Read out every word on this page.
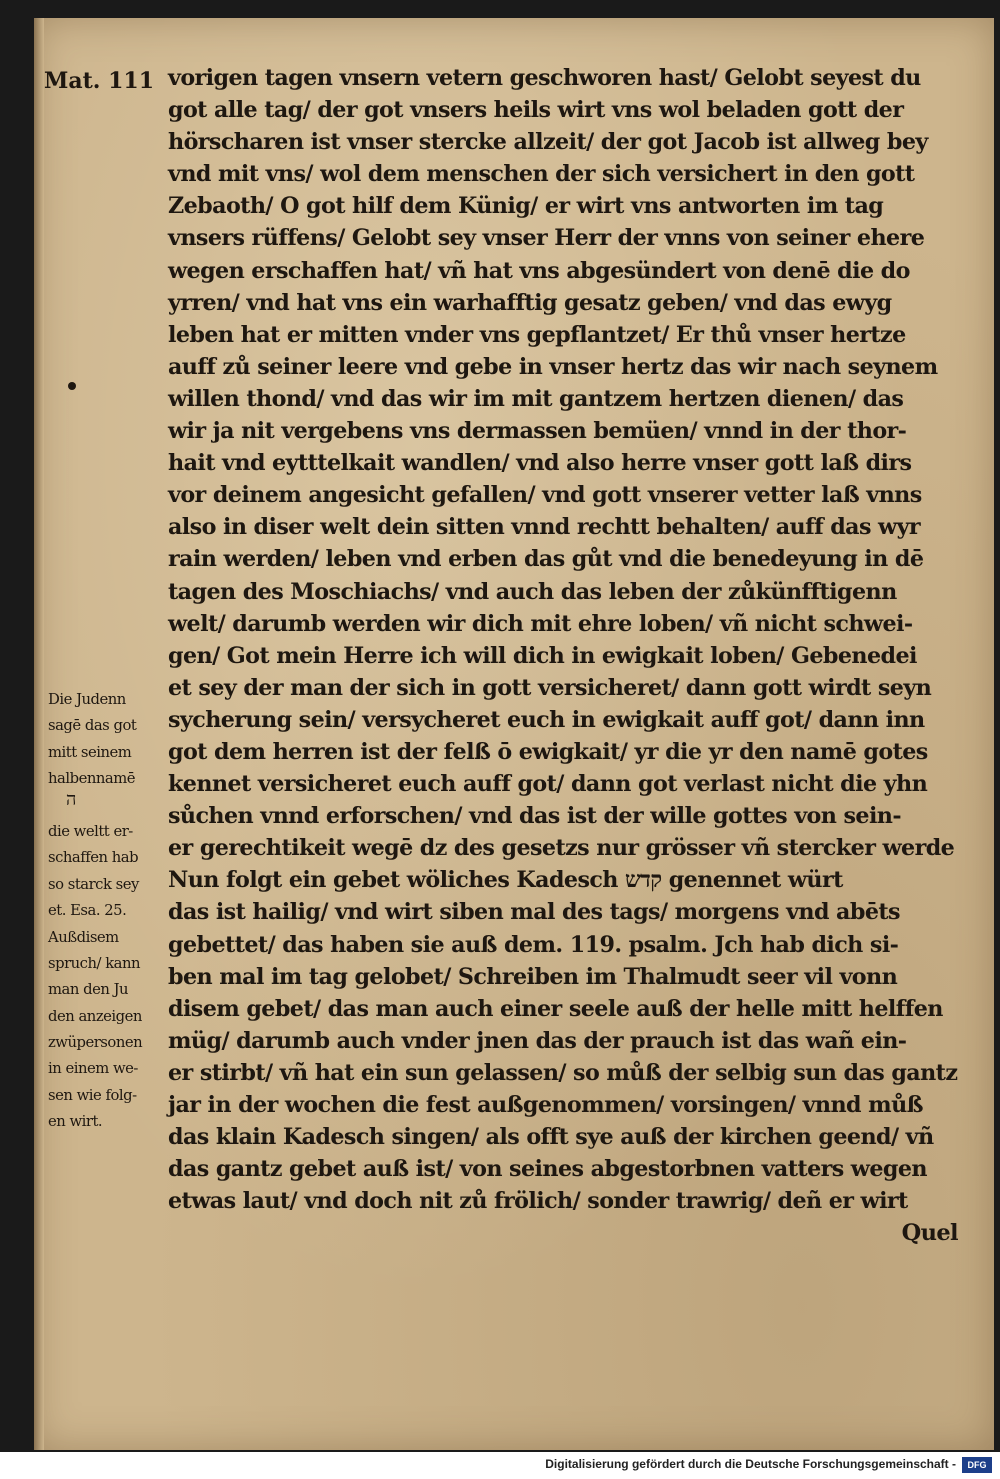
Mat. 111 vorigen tagen vnsern vetern geschworen hast/ Gelobt seyest du
got alle tag/ der got vnsers heils wirt vns wol beladen gott der
hörscharen ist vnser stercke allzeit/ der got Jacob ist allweg bey
vnd mit vns/ wol dem menschen der sich versichert in den gott
Zebaoth/ O got hilf dem Künig/ er wirt vns antworten im tag
vnsers rüffens/ Gelobt sey vnser Herr der vnns von seiner ehere
wegen erschaffen hat/ vñ hat vns abgesündert von denē die do
yrren/ vnd hat vns ein warhafftig gesatz geben/ vnd das ewyg
leben hat er mitten vnder vns gepflantzet/ Er thů vnser hertze
auff zů seiner leere vnd gebe in vnser hertz das wir nach seynem
willen thond/ vnd das wir im mit gantzem hertzen dienen/ das
wir ja nit vergebens vns dermassen bemüen/ vnnd in der thor-
hait vnd eytttelkait wandlen/ vnd also herre vnser gott laß dirs
vor deinem angesicht gefallen/ vnd gott vnserer vetter laß vnns
also in diser welt dein sitten vnnd rechtt behalten/ auff das wyr
rain werden/ leben vnd erben das gůt vnd die benedeyung in dē
tagen des Moschiachs/ vnd auch das leben der zůkünfftigenn
welt/ darumb werden wir dich mit ehre loben/ vñ nicht schwei-
gen/ Got mein Herre ich will dich in ewigkait loben/ Gebenedei
et sey der man der sich in gott versicheret/ dann gott wirdt seyn
sycherung sein/ versycheret euch in ewigkait auff got/ dann inn
got dem herren ist der felß ō ewigkait/ yr die yr den namē gotes
kennet versicheret euch auff got/ dann got verlast nicht die yhn
sůchen vnnd erforschen/ vnd das ist der wille gottes von sein-
er gerechtikeit wegē dz des gesetzs nur grösser vñ stercker werde
Nun folgt ein gebet wöliches Kadesch קדש genennet würt
das ist hailig/ vnd wirt siben mal des tags/ morgens vnd abēts
gebettet/ das haben sie auß dem. 119. psalm. Jch hab dich si-
ben mal im tag gelobet/ Schreiben im Thalmudt seer vil vonn
disem gebet/ das man auch einer seele auß der helle mitt helffen
müg/ darumb auch vnder jnen das der prauch ist das wañ ein-
er stirbt/ vñ hat ein sun gelassen/ so můß der selbig sun das gantz
jar in der wochen die fest außgenommen/ vorsingen/ vnnd můß
das klain Kadesch singen/ als offt sye auß der kirchen geend/ vñ
das gantz gebet auß ist/ von seines abgestorbnen vatters wegen
etwas laut/ vnd doch nit zů frölich/ sonder trawrig/ deñ er wirt
Quel
Die Judenn
sagē das got
mitt seinem
halbennamē
die weltt er-
schaffen hab
so starck sey
et. Esa. 25.
Außdisem
spruch/ kann
man den Ju
den anzeigen
zwüpersonen
in einem we-
sen wie folg-
en wirt.
ה
Digitalisierung gefördert durch die Deutsche Forschungsgemeinschaft -	DFG
